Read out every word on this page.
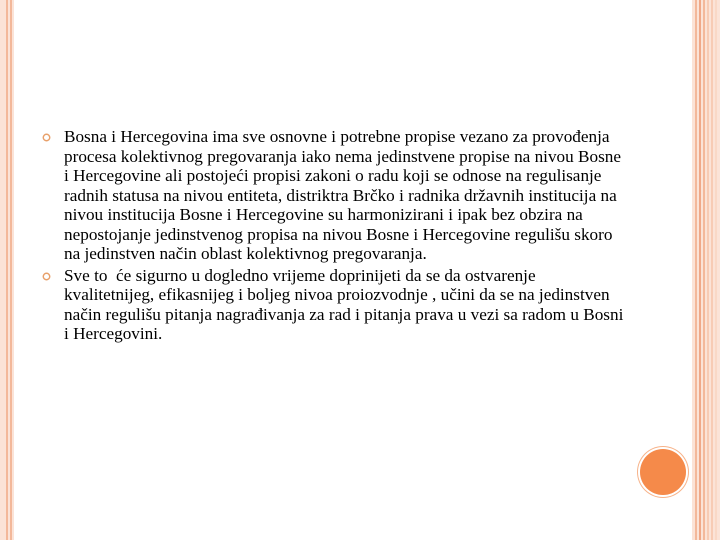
Bosna i Hercegovina ima sve osnovne i potrebne propise vezano za provođenja procesa kolektivnog pregovaranja iako nema jedinstvene propise na nivou Bosne i Hercegovine ali postojeći propisi zakoni o radu koji se odnose na regulisanje radnih statusa na nivou entiteta, distriktra Brčko i radnika državnih institucija na nivou institucija Bosne i Hercegovine su harmonizirani i ipak bez obzira na nepostojanje jedinstvenog propisa na nivou Bosne i Hercegovine regulišu skoro na jedinstven način oblast kolektivnog pregovaranja.
Sve to  će sigurno u dogledno vrijeme doprinijeti da se da ostvarenje kvalitetnijeg, efikasnijeg i boljeg nivoa proiozvodnje , učini da se na jedinstven način regulišu pitanja nagrađivanja za rad i pitanja prava u vezi sa radom u Bosni i Hercegovini.
